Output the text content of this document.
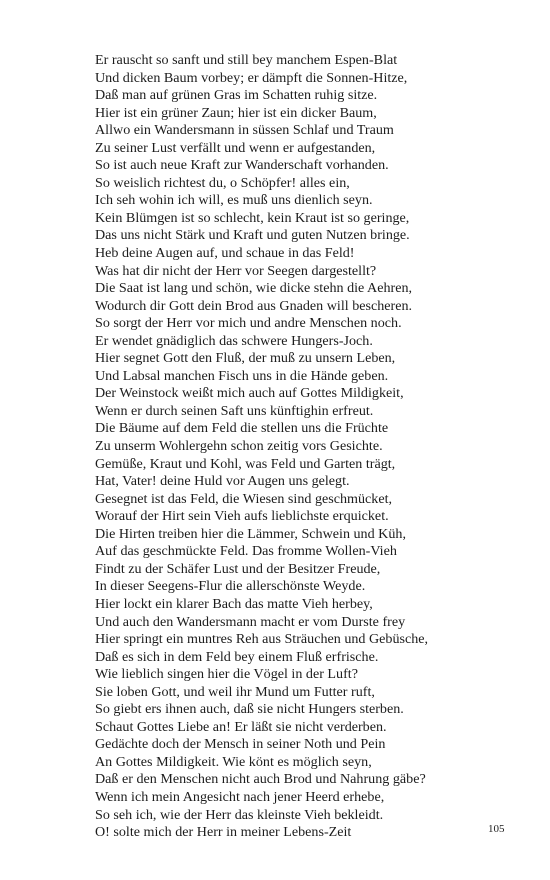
Er rauscht so sanft und still bey manchem Espen-Blat
Und dicken Baum vorbey; er dämpft die Sonnen-Hitze,
Daß man auf grünen Gras im Schatten ruhig sitze.
Hier ist ein grüner Zaun; hier ist ein dicker Baum,
Allwo ein Wandersmann in süssen Schlaf und Traum
Zu seiner Lust verfällt und wenn er aufgestanden,
So ist auch neue Kraft zur Wanderschaft vorhanden.
So weislich richtest du, o Schöpfer! alles ein,
Ich seh wohin ich will, es muß uns dienlich seyn.
Kein Blümgen ist so schlecht, kein Kraut ist so geringe,
Das uns nicht Stärk und Kraft und guten Nutzen bringe.
Heb deine Augen auf, und schaue in das Feld!
Was hat dir nicht der Herr vor Seegen dargestellt?
Die Saat ist lang und schön, wie dicke stehn die Aehren,
Wodurch dir Gott dein Brod aus Gnaden will bescheren.
So sorgt der Herr vor mich und andre Menschen noch.
Er wendet gnädiglich das schwere Hungers-Joch.
Hier segnet Gott den Fluß, der muß zu unsern Leben,
Und Labsal manchen Fisch uns in die Hände geben.
Der Weinstock weißt mich auch auf Gottes Mildigkeit,
Wenn er durch seinen Saft uns künftighin erfreut.
Die Bäume auf dem Feld die stellen uns die Früchte
Zu unserm Wohlergehn schon zeitig vors Gesichte.
Gemüße, Kraut und Kohl, was Feld und Garten trägt,
Hat, Vater! deine Huld vor Augen uns gelegt.
Gesegnet ist das Feld, die Wiesen sind geschmücket,
Worauf der Hirt sein Vieh aufs lieblichste erquicket.
Die Hirten treiben hier die Lämmer, Schwein und Küh,
Auf das geschmückte Feld. Das fromme Wollen-Vieh
Findt zu der Schäfer Lust und der Besitzer Freude,
In dieser Seegens-Flur die allerschönste Weyde.
Hier lockt ein klarer Bach das matte Vieh herbey,
Und auch den Wandersmann macht er vom Durste frey
Hier springt ein muntres Reh aus Sträuchen und Gebüsche,
Daß es sich in dem Feld bey einem Fluß erfrische.
Wie lieblich singen hier die Vögel in der Luft?
Sie loben Gott, und weil ihr Mund um Futter ruft,
So giebt ers ihnen auch, daß sie nicht Hungers sterben.
Schaut Gottes Liebe an! Er läßt sie nicht verderben.
Gedächte doch der Mensch in seiner Noth und Pein
An Gottes Mildigkeit. Wie könt es möglich seyn,
Daß er den Menschen nicht auch Brod und Nahrung gäbe?
Wenn ich mein Angesicht nach jener Heerd erhebe,
So seh ich, wie der Herr das kleinste Vieh bekleidt.
O! solte mich der Herr in meiner Lebens-Zeit	105
